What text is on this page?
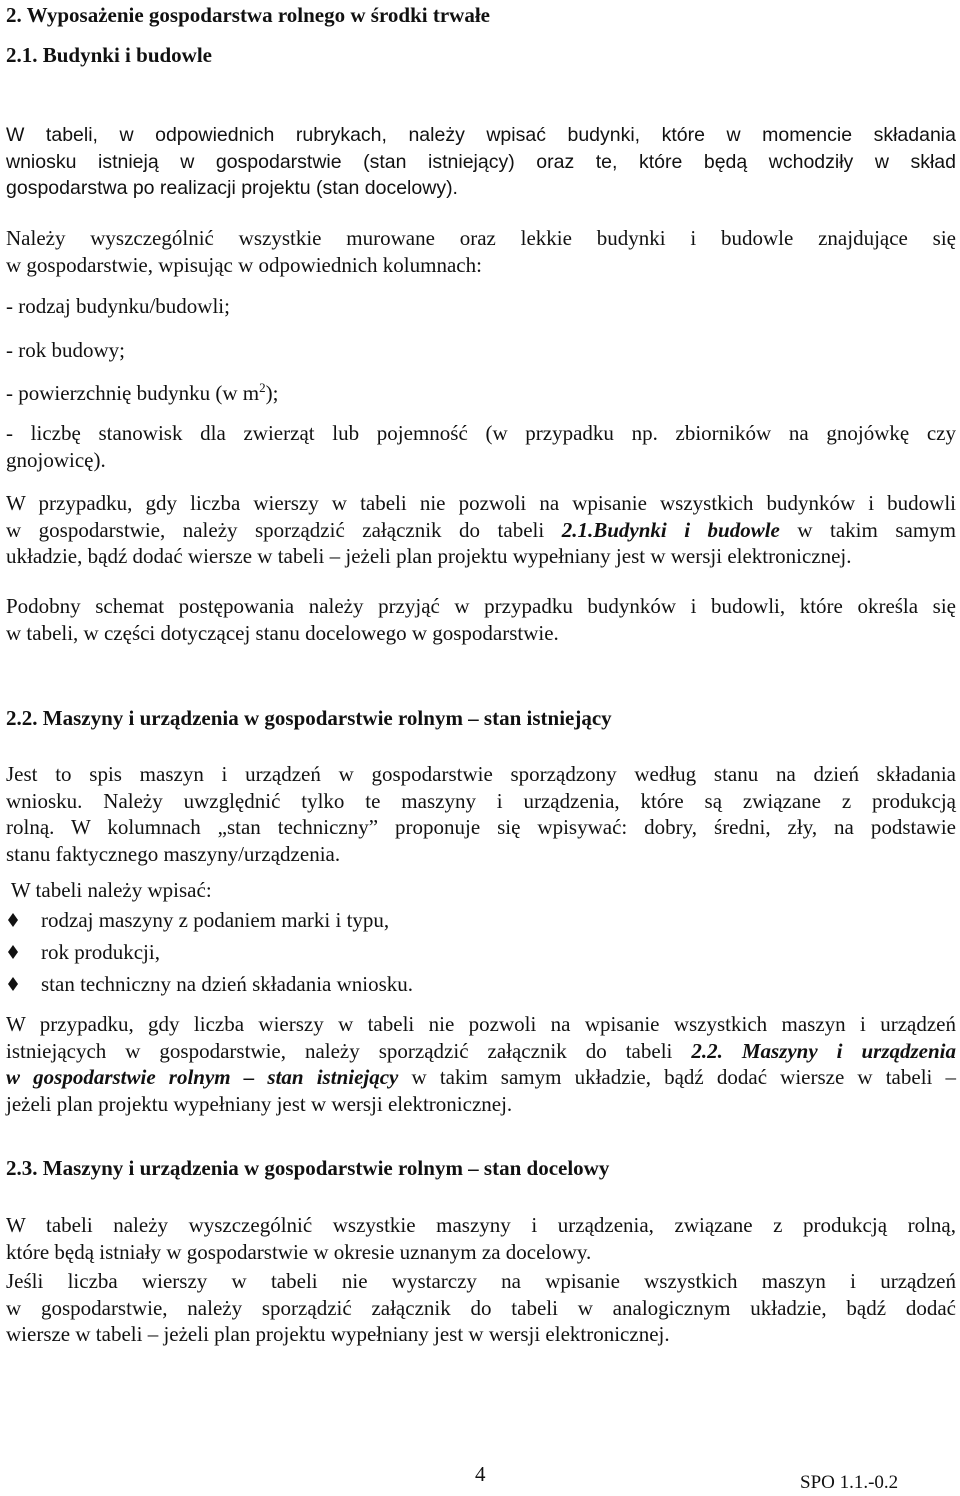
2. Wyposażenie gospodarstwa rolnego w środki trwałe
2.1. Budynki i budowle
W tabeli, w odpowiednich rubrykach, należy wpisać budynki, które w momencie składania
wniosku istnieją w gospodarstwie (stan istniejący) oraz te, które będą wchodziły w skład
gospodarstwa po realizacji projektu (stan docelowy).
Należy wyszczególnić wszystkie murowane oraz lekkie budynki i budowle znajdujące się
w gospodarstwie, wpisując w odpowiednich kolumnach:
- rodzaj budynku/budowli;
- rok budowy;
- powierzchnię budynku (w $m^2$);
- liczbę stanowisk dla zwierząt lub pojemność (w przypadku np. zbiorników na gnojówkę czy
gnojowicę).
W przypadku, gdy liczba wierszy w tabeli nie pozwoli na wpisanie wszystkich budynków i budowli
w gospodarstwie, należy sporządzić załącznik do tabeli 2.1.Budynki i budowle w takim samym
układzie, bądź dodać wiersze w tabeli – jeżeli plan projektu wypełniany jest w wersji elektronicznej.
Podobny schemat postępowania należy przyjąć w przypadku budynków i budowli, które określa się
w tabeli, w części dotyczącej stanu docelowego w gospodarstwie.
2.2. Maszyny i urządzenia w gospodarstwie rolnym – stan istniejący
Jest to spis maszyn i urządzeń w gospodarstwie sporządzony według stanu na dzień składania
wniosku. Należy uwzględnić tylko te maszyny i urządzenia, które są związane z produkcją
rolną. W kolumnach „stan techniczny” proponuje się wpisywać: dobry, średni, zły, na podstawie
stanu faktycznego maszyny/urządzenia.
W tabeli należy wpisać:
rodzaj maszyny z podaniem marki i typu,
rok produkcji,
stan techniczny na dzień składania wniosku.
W przypadku, gdy liczba wierszy w tabeli nie pozwoli na wpisanie wszystkich maszyn i urządzeń
istniejących w gospodarstwie, należy sporządzić załącznik do tabeli 2.2. Maszyny i urządzenia
w gospodarstwie rolnym – stan istniejący w takim samym układzie, bądź dodać wiersze w tabeli –
jeżeli plan projektu wypełniany jest w wersji elektronicznej.
2.3. Maszyny i urządzenia w gospodarstwie rolnym – stan docelowy
W tabeli należy wyszczególnić wszystkie maszyny i urządzenia, związane z produkcją rolną,
które będą istniały w gospodarstwie w okresie uznanym za docelowy.
Jeśli liczba wierszy w tabeli nie wystarczy na wpisanie wszystkich maszyn i urządzeń
w gospodarstwie, należy sporządzić załącznik do tabeli w analogicznym układzie, bądź dodać
wiersze w tabeli – jeżeli plan projektu wypełniany jest w wersji elektronicznej.
4	SPO 1.1.-0.2
